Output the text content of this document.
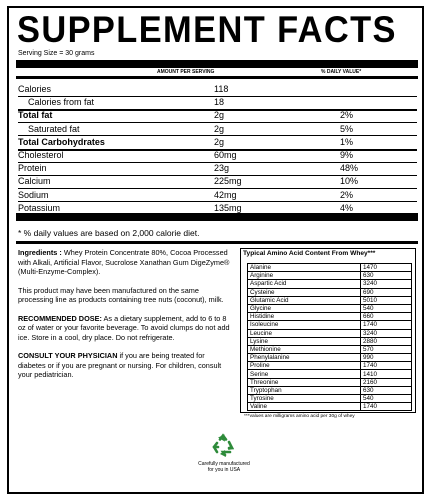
SUPPLEMENT FACTS
Serving Size = 30 grams
AMOUNT PER SERVING	% DAILY VALUE*
Calories	118
Calories from fat	18
Total fat	2g	2%
Saturated fat	2g	5%
Total Carbohydrates	2g	1%
Cholesterol	60mg	9%
Protein	23g	48%
Calcium	225mg	10%
Sodium	42mg	2%
Potassium	135mg	4%
* % daily values are based on 2,000 calorie diet.

Ingredients : Whey Protein Concentrate 80%, Cocoa Processed with Alkali, Artificial Flavor, Sucrolose Xanathan Gum DigeZyme® (Multi-Enzyme-Complex).

This product may have been manufactured on the same processing line as products containing tree nuts (coconut), milk.

RECOMMENDED DOSE: As a dietary supplement, add to 6 to 8 oz of water or your favorite beverage. To avoid clumps do not add ice. Store in a cool, dry place. Do not refrigerate.

CONSULT YOUR PHYSICIAN if you are being treated for diabetes or if you are pregnant or nursing. For children, consult your pediatrician.

Carefully manufactured for you in USA
Typical Amino Acid Content From Whey***
Alanine	1470
Arginine	630
Aspartic Acid	3240
Cysteine	690
Glutamic Acid	5010
Glycine	540
Histidine	660
Isoleucine	1740
Leucine	3240
Lysine	2880
Methionine	570
Phenylalanine	990
Proline	1740
Serine	1410
Threonine	2160
Tryptophan	630
Tyrosine	540
Valine	1740
***values are milligrams amino acid per 30g of whey
